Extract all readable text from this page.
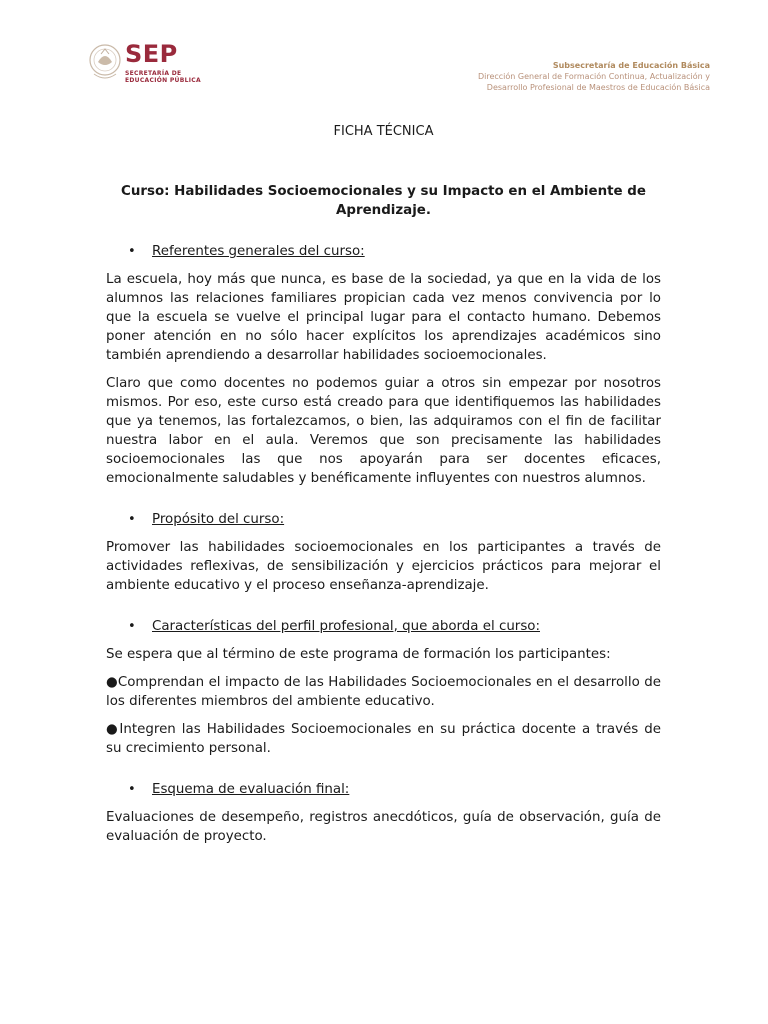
SEP
SECRETARÍA DE
EDUCACIÓN PÚBLICA
Subsecretaría de Educación Básica
Dirección General de Formación Continua, Actualización y
Desarrollo Profesional de Maestros de Educación Básica
FICHA TÉCNICA
Curso: Habilidades Socioemocionales y su Impacto en el Ambiente de Aprendizaje.
• Referentes generales del curso:

La escuela, hoy más que nunca, es base de la sociedad, ya que en la vida de los alumnos las relaciones familiares propician cada vez menos convivencia por lo que la escuela se vuelve el principal lugar para el contacto humano. Debemos poner atención en no sólo hacer explícitos los aprendizajes académicos sino también aprendiendo a desarrollar habilidades socioemocionales.

Claro que como docentes no podemos guiar a otros sin empezar por nosotros mismos. Por eso, este curso está creado para que identifiquemos las habilidades que ya tenemos, las fortalezcamos, o bien, las adquiramos con el fin de facilitar nuestra labor en el aula. Veremos que son precisamente las habilidades socioemocionales las que nos apoyarán para ser docentes eficaces, emocionalmente saludables y benéficamente influyentes con nuestros alumnos.

• Propósito del curso:

Promover las habilidades socioemocionales en los participantes a través de actividades reflexivas, de sensibilización y ejercicios prácticos para mejorar el ambiente educativo y el proceso enseñanza-aprendizaje.

• Características del perfil profesional, que aborda el curso:

Se espera que al término de este programa de formación los participantes:

●Comprendan el impacto de las Habilidades Socioemocionales en el desarrollo de los diferentes miembros del ambiente educativo.

●Integren las Habilidades Socioemocionales en su práctica docente a través de su crecimiento personal.

• Esquema de evaluación final:

Evaluaciones de desempeño, registros anecdóticos, guía de observación, guía de evaluación de proyecto.
